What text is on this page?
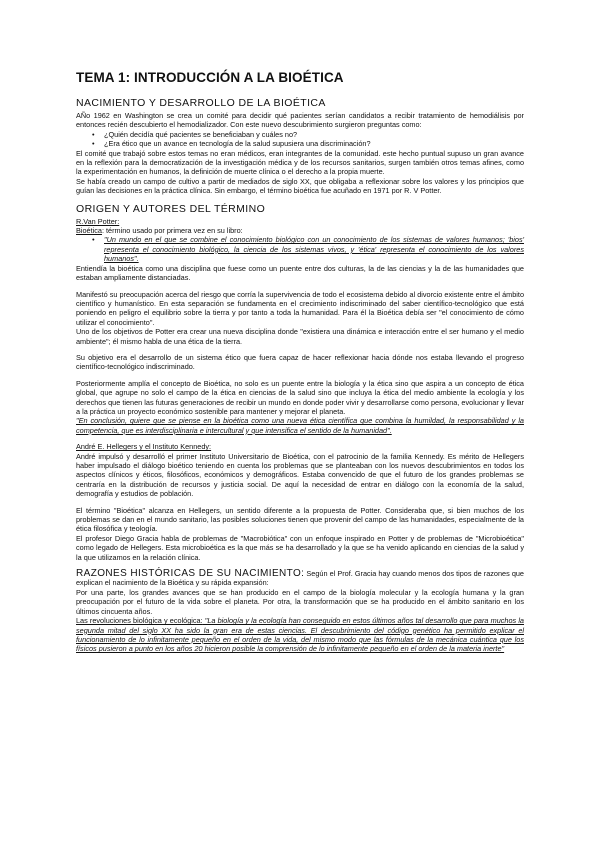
TEMA 1: INTRODUCCIÓN A LA BIOÉTICA
NACIMIENTO Y DESARROLLO DE LA BIOÉTICA

AÑo 1962 en Washington se crea un comité para decidir qué pacientes serían candidatos a recibir tratamiento de hemodiálisis por entonces recién descubierto el hemodializador. Con este nuevo descubrimiento surgieron preguntas como:

• ¿Quién decidía qué pacientes se beneficiaban y cuáles no?
• ¿Era ético que un avance en tecnología de la salud supusiera una discriminación?

El comité que trabajó sobre estos temas no eran médicos, eran integrantes de la comunidad. este hecho puntual supuso un gran avance en la reflexión para la democratización de la investigación médica y de los recursos sanitarios, surgen también otros temas afines, como la experimentación en humanos, la definición de muerte clínica o el derecho a la propia muerte.

Se había creado un campo de cultivo a partir de mediados de siglo XX, que obligaba a reflexionar sobre los valores y los principios que guían las decisiones en la práctica clínica. Sin embargo, el término bioética fue acuñado en 1971 por R. V Potter.

ORIGEN Y AUTORES DEL TÉRMINO

R.Van Potter:

Bioética: término usado por primera vez en su libro:

• "Un mundo en el que se combine el conocimiento biológico con un conocimiento de los sistemas de valores humanos; 'bios' representa el conocimiento biológico, la ciencia de los sistemas vivos, y 'ética' representa el conocimiento de los valores humanos".

Entiendía la bioética como una disciplina que fuese como un puente entre dos culturas, la de las ciencias y la de las humanidades que estaban ampliamente distanciadas.

Manifestó su preocupación acerca del riesgo que corría la supervivencia de todo el ecosistema debido al divorcio existente entre el ámbito científico y humanístico. En esta separación se fundamenta en el crecimiento indiscriminado del saber científico-tecnológico que está poniendo en peligro el equilibrio sobre la tierra y por tanto a toda la humanidad. Para él la Bioética debía ser "el conocimiento de cómo utilizar el conocimiento".

Uno de los objetivos de Potter era crear una nueva disciplina donde "existiera una dinámica e interacción entre el ser humano y el medio ambiente"; él mismo habla de una ética de la tierra.

Su objetivo era el desarrollo de un sistema ético que fuera capaz de hacer reflexionar hacia dónde nos estaba llevando el progreso científico-tecnológico indiscriminado.

Posteriormente amplía el concepto de Bioética, no solo es un puente entre la biología y la ética sino que aspira a un concepto de ética global, que agrupe no solo el campo de la ética en ciencias de la salud sino que incluya la ética del medio ambiente la ecología y los derechos que tienen las futuras generaciones de recibir un mundo en donde poder vivir y desarrollarse como persona, evolucionar y llevar a la práctica un proyecto económico sostenible para mantener y mejorar el planeta.

"En conclusión, quiere que se piense en la bioética como una nueva ética científica que combina la humildad, la responsabilidad y la competencia, que es interdisciplinaria e intercultural y que intensifica el sentido de la humanidad".

André E. Hellegers y el Instituto Kennedy:

André impulsó y desarrolló el primer Instituto Universitario de Bioética, con el patrocinio de la familia Kennedy. Es mérito de Hellegers haber impulsado el diálogo bioético teniendo en cuenta los problemas que se planteaban con los nuevos descubrimientos en todos los aspectos clínicos y éticos, filosóficos, económicos y demográficos. Estaba convencido de que el futuro de los grandes problemas se centraría en la distribución de recursos y justicia social. De aquí la necesidad de entrar en diálogo con la economía de la salud, demografía y estudios de población.

El término "Bioética" alcanza en Hellegers, un sentido diferente a la propuesta de Potter. Consideraba que, si bien muchos de los problemas se dan en el mundo sanitario, las posibles soluciones tienen que provenir del campo de las humanidades, especialmente de la ética filosófica y teología.

El profesor Diego Gracia habla de problemas de "Macrobiótica" con un enfoque inspirado en Potter y de problemas de "Microbioética" como legado de Hellegers. Esta microbioética es la que más se ha desarrollado y la que se ha venido aplicando en ciencias de la salud y la que utilizamos en la relación clínica.

RAZONES HISTÓRICAS DE SU NACIMIENTO: Según el Prof. Gracia hay cuando menos dos tipos de razones que explican el nacimiento de la Bioética y su rápida expansión:

Por una parte, los grandes avances que se han producido en el campo de la biología molecular y la ecología humana y la gran preocupación por el futuro de la vida sobre el planeta. Por otra, la transformación que se ha producido en el ámbito sanitario en los últimos cincuenta años.

Las revoluciones biológica y ecológica: "La biología y la ecología han conseguido en estos últimos años tal desarrollo que para muchos la segunda mitad del siglo XX ha sido la gran era de estas ciencias. El descubrimiento del código genético ha permitido explicar el funcionamiento de lo infinitamente pequeño en el orden de la vida, del mismo modo que las fórmulas de la mecánica cuántica que los físicos pusieron a punto en los años 20 hicieron posible la comprensión de lo infinitamente pequeño en el orden de la materia inerte"
